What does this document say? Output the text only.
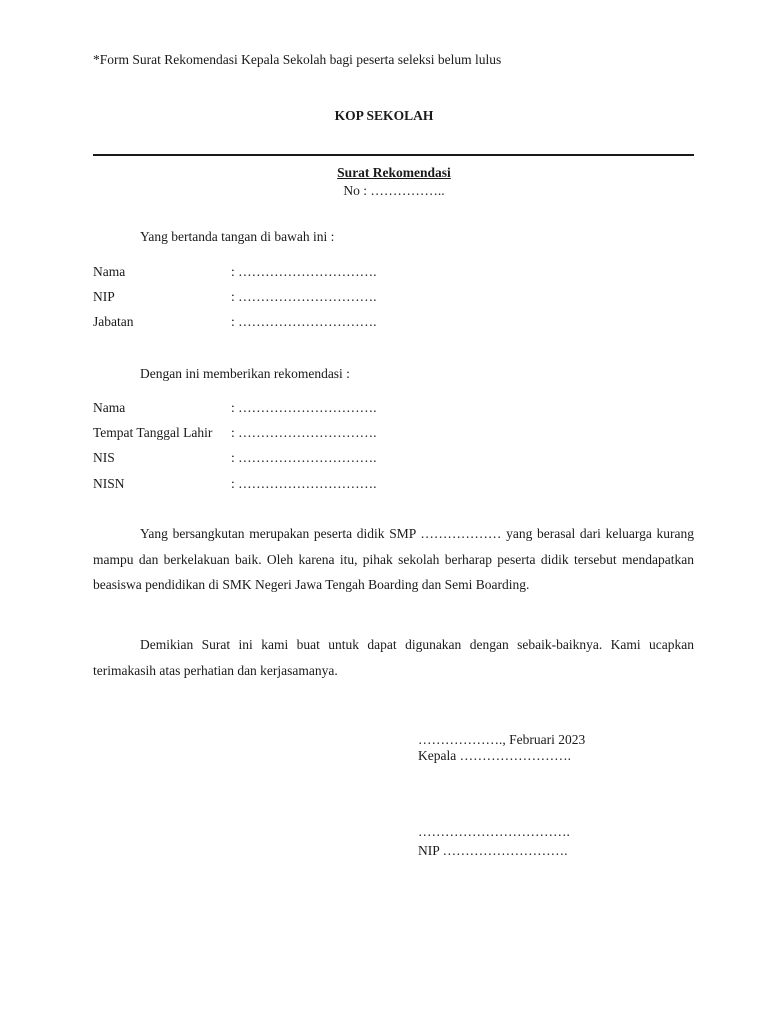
*Form Surat Rekomendasi Kepala Sekolah bagi peserta seleksi belum lulus
KOP SEKOLAH
Surat Rekomendasi
No : ……………..
Yang bertanda tangan di bawah ini :
Nama	: ………………………….
NIP	: ………………………….
Jabatan	: ………………………….
Dengan ini memberikan rekomendasi :
Nama	: ………………………….
Tempat Tanggal Lahir : ………………………….
NIS	: ………………………….
NISN	: ………………………….

Yang bersangkutan merupakan peserta didik SMP ……………… yang berasal dari keluarga kurang mampu dan berkelakuan baik. Oleh karena itu, pihak sekolah berharap peserta didik tersebut mendapatkan beasiswa pendidikan di SMK Negeri Jawa Tengah Boarding dan Semi Boarding.

Demikian Surat ini kami buat untuk dapat digunakan dengan sebaik-baiknya. Kami ucapkan terimakasih atas perhatian dan kerjasamanya.

………………., Februari 2023
Kepala …………………….
…………………………….
NIP ……………………….
